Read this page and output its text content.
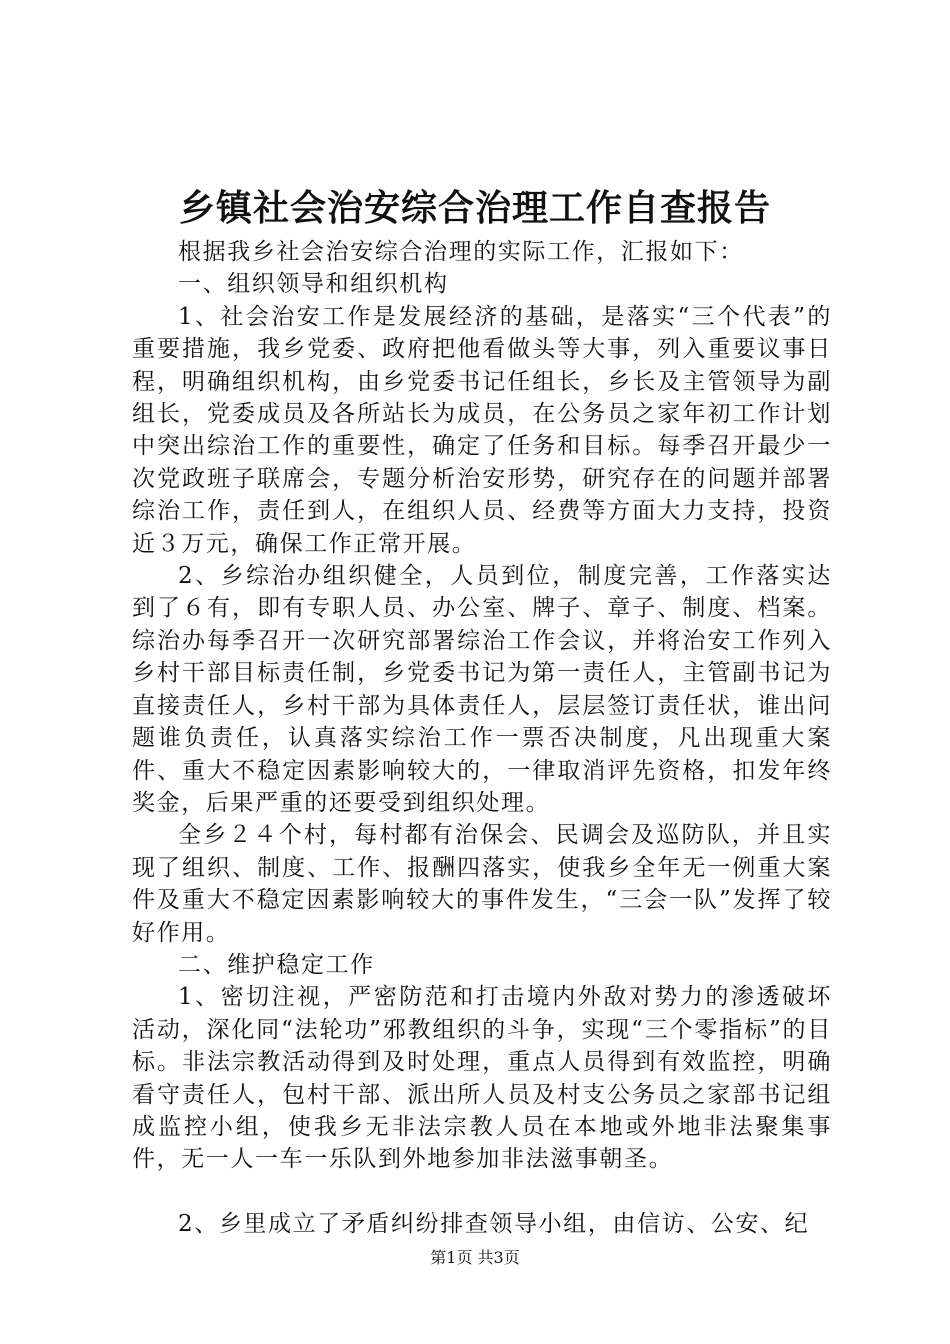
乡镇社会治安综合治理工作自查报告

根据我乡社会治安综合治理的实际工作，汇报如下：

一、组织领导和组织机构

1、社会治安工作是发展经济的基础，是落实“三个代表”的重要措施，我乡党委、政府把他看做头等大事，列入重要议事日程，明确组织机构，由乡党委书记任组长，乡长及主管领导为副组长，党委成员及各所站长为成员，在公务员之家年初工作计划中突出综治工作的重要性，确定了任务和目标。每季召开最少一次党政班子联席会，专题分析治安形势，研究存在的问题并部署综治工作，责任到人，在组织人员、经费等方面大力支持，投资近３万元，确保工作正常开展。

2、乡综治办组织健全，人员到位，制度完善，工作落实达到了６有，即有专职人员、办公室、牌子、章子、制度、档案。综治办每季召开一次研究部署综治工作会议，并将治安工作列入乡村干部目标责任制，乡党委书记为第一责任人，主管副书记为直接责任人，乡村干部为具体责任人，层层签订责任状，谁出问题谁负责任，认真落实综治工作一票否决制度，凡出现重大案件、重大不稳定因素影响较大的，一律取消评先资格，扣发年终奖金，后果严重的还要受到组织处理。

全乡２４个村，每村都有治保会、民调会及巡防队，并且实现了组织、制度、工作、报酬四落实，使我乡全年无一例重大案件及重大不稳定因素影响较大的事件发生，“三会一队”发挥了较好作用。

二、维护稳定工作

1、密切注视，严密防范和打击境内外敌对势力的渗透破坏活动，深化同“法轮功”邪教组织的斗争，实现“三个零指标”的目标。非法宗教活动得到及时处理，重点人员得到有效监控，明确看守责任人，包村干部、派出所人员及村支公务员之家部书记组成监控小组，使我乡无非法宗教人员在本地或外地非法聚集事件，无一人一车一乐队到外地参加非法滋事朝圣。

2、乡里成立了矛盾纠纷排查领导小组，由信访、公安、纪

第1页 共3页
